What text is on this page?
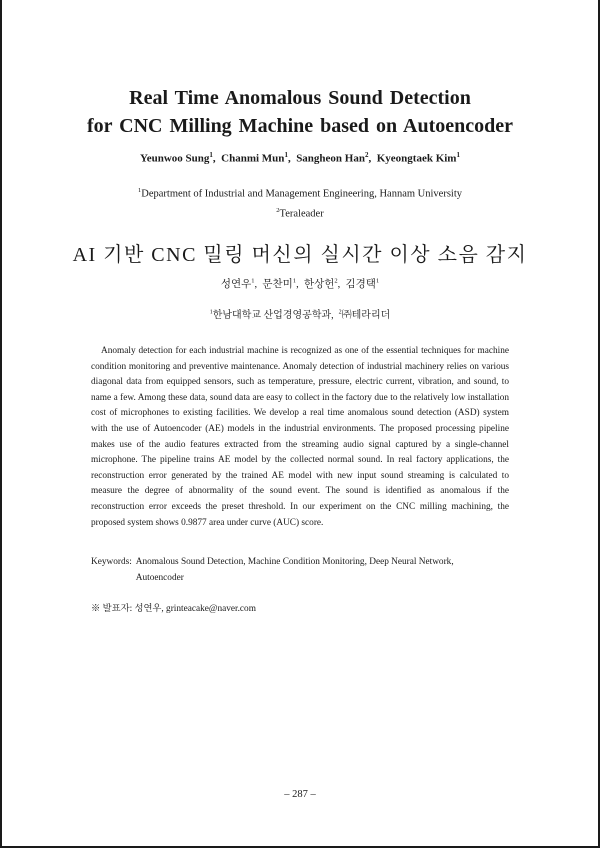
Real Time Anomalous Sound Detection
for CNC Milling Machine based on Autoencoder
Yeunwoo Sung$^1$,  Chanmi Mun$^1$,  Sangheon Han$^2$,  Kyeongtaek Kim$^1$
$^1$Department of Industrial and Management Engineering, Hannam University
$^2$Teraleader
AI 기반 CNC 밀링 머신의 실시간 이상 소음 감지
성연우$^1$,  문찬미$^1$,  한상헌$^2$,  김경택$^1$
$^1$한남대학교 산업경영공학과,  $^2$㈜테라리더
Anomaly detection for each industrial machine is recognized as one of the essential techniques for machine condition monitoring and preventive maintenance. Anomaly detection of industrial machinery relies on various diagonal data from equipped sensors, such as temperature, pressure, electric current, vibration, and sound, to name a few. Among these data, sound data are easy to collect in the factory due to the relatively low installation cost of microphones to existing facilities. We develop a real time anomalous sound detection (ASD) system with the use of Autoencoder (AE) models in the industrial environments. The proposed processing pipeline makes use of the audio features extracted from the streaming audio signal captured by a single-channel microphone. The pipeline trains AE model by the collected normal sound. In real factory applications, the reconstruction error generated by the trained AE model with new input sound streaming is calculated to measure the degree of abnormality of the sound event. The sound is identified as anomalous if the reconstruction error exceeds the preset threshold. In our experiment on the CNC milling machining, the proposed system shows 0.9877 area under curve (AUC) score.
Keywords: Anomalous Sound Detection, Machine Condition Monitoring, Deep Neural Network,
Autoencoder
※ 발표자: 성연우, grinteacake@naver.com
– 287 –
